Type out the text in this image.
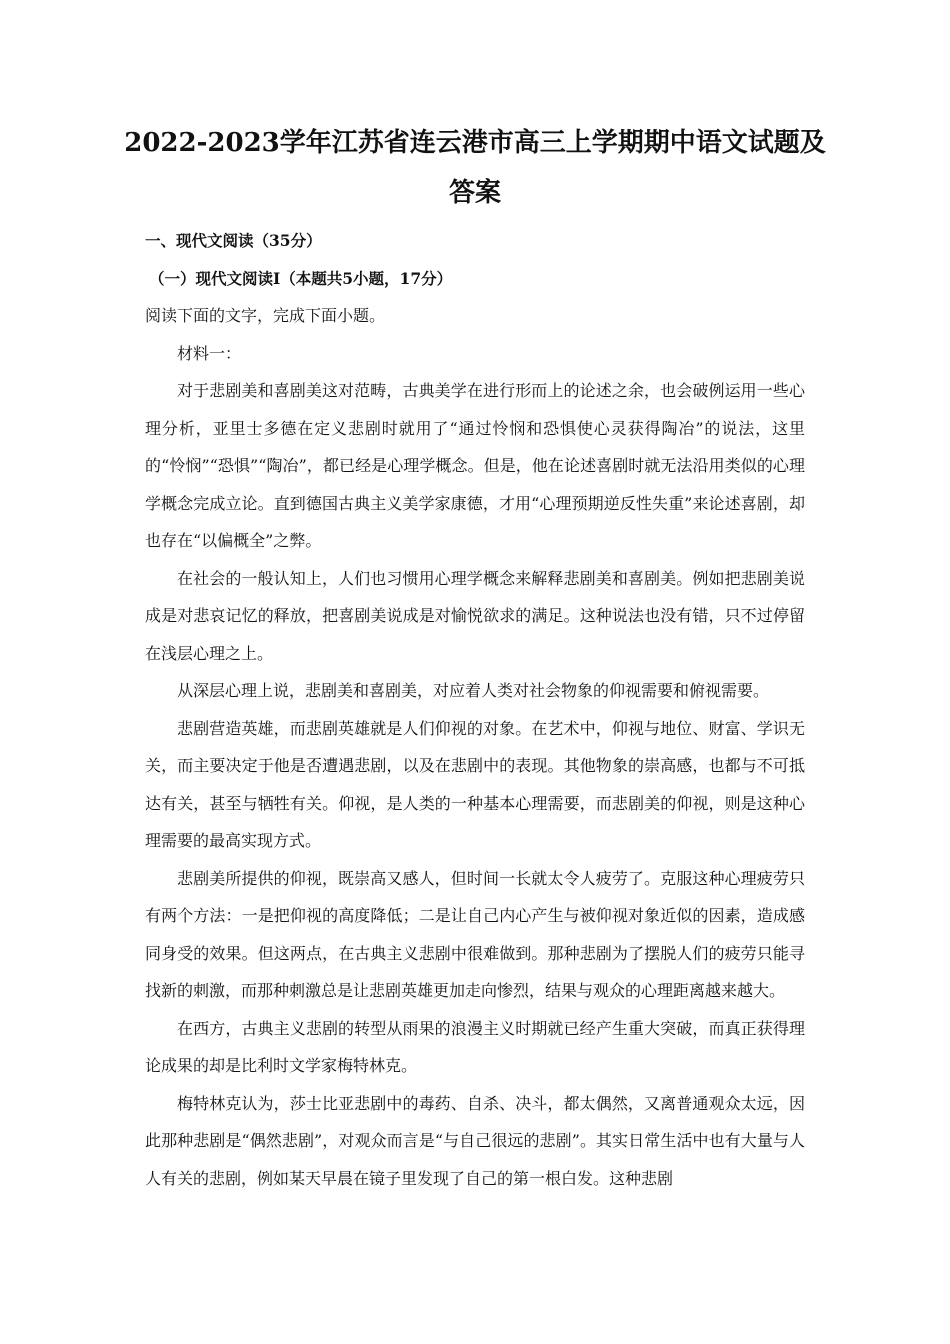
2022-2023学年江苏省连云港市高三上学期期中语文试题及答案

一、现代文阅读（35分）

（一）现代文阅读Ⅰ（本题共5小题，17分）

阅读下面的文字，完成下面小题。

材料一：

对于悲剧美和喜剧美这对范畴，古典美学在进行形而上的论述之余，也会破例运用一些心理分析，亚里士多德在定义悲剧时就用了“通过怜悯和恐惧使心灵获得陶冶”的说法，这里的“怜悯”“恐惧”“陶冶”，都已经是心理学概念。但是，他在论述喜剧时就无法沿用类似的心理学概念完成立论。直到德国古典主义美学家康德，才用“心理预期逆反性失重”来论述喜剧，却也存在“以偏概全”之弊。

在社会的一般认知上，人们也习惯用心理学概念来解释悲剧美和喜剧美。例如把悲剧美说成是对悲哀记忆的释放，把喜剧美说成是对愉悦欲求的满足。这种说法也没有错，只不过停留在浅层心理之上。

从深层心理上说，悲剧美和喜剧美，对应着人类对社会物象的仰视需要和俯视需要。

悲剧营造英雄，而悲剧英雄就是人们仰视的对象。在艺术中，仰视与地位、财富、学识无关，而主要决定于他是否遭遇悲剧，以及在悲剧中的表现。其他物象的崇高感，也都与不可抵达有关，甚至与牺牲有关。仰视，是人类的一种基本心理需要，而悲剧美的仰视，则是这种心理需要的最高实现方式。

悲剧美所提供的仰视，既崇高又感人，但时间一长就太令人疲劳了。克服这种心理疲劳只有两个方法：一是把仰视的高度降低；二是让自己内心产生与被仰视对象近似的因素，造成感同身受的效果。但这两点，在古典主义悲剧中很难做到。那种悲剧为了摆脱人们的疲劳只能寻找新的刺激，而那种刺激总是让悲剧英雄更加走向惨烈，结果与观众的心理距离越来越大。

在西方，古典主义悲剧的转型从雨果的浪漫主义时期就已经产生重大突破，而真正获得理论成果的却是比利时文学家梅特林克。

梅特林克认为，莎士比亚悲剧中的毒药、自杀、决斗，都太偶然，又离普通观众太远，因此那种悲剧是“偶然悲剧”，对观众而言是“与自己很远的悲剧”。其实日常生活中也有大量与人人有关的悲剧，例如某天早晨在镜子里发现了自己的第一根白发。这种悲剧
